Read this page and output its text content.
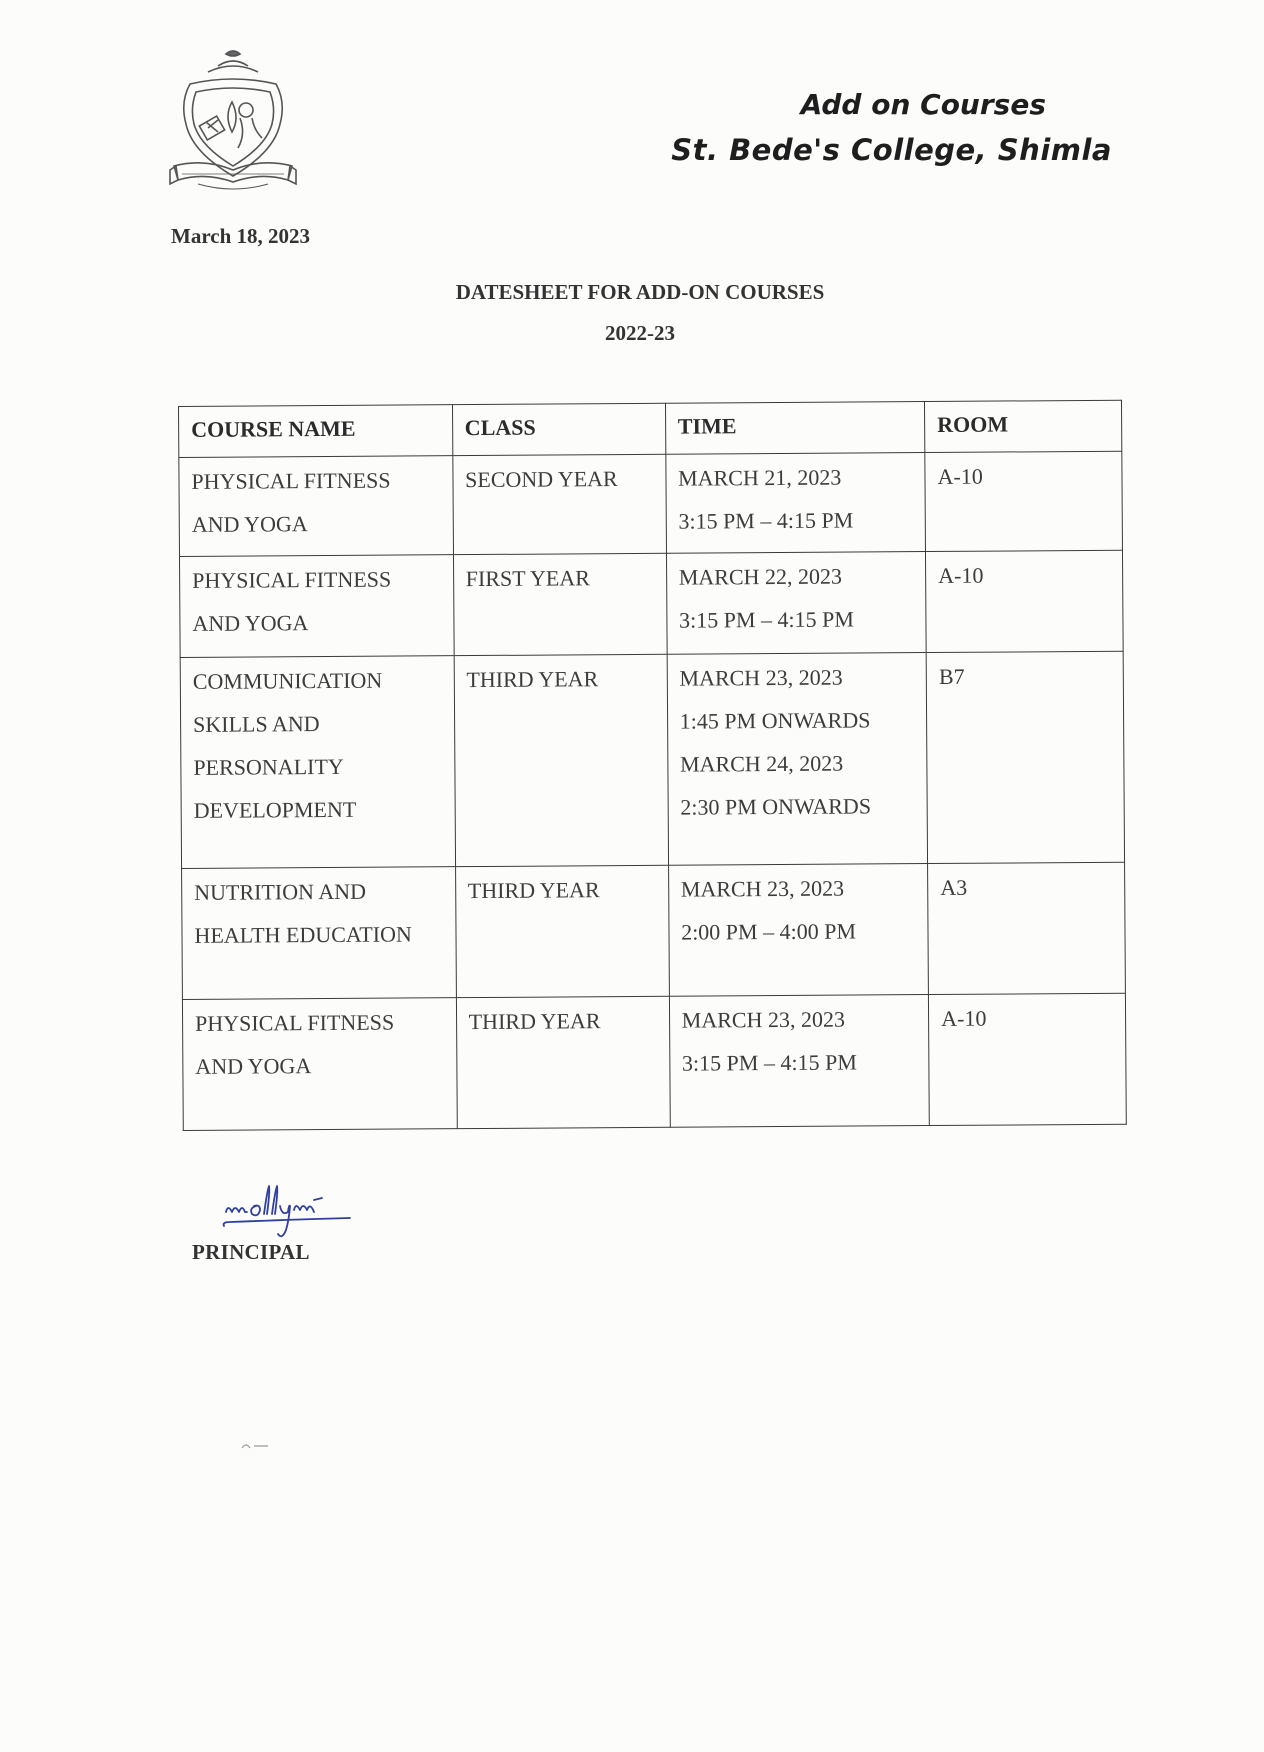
Add on Courses
St. Bede's College, Shimla
March 18, 2023
DATESHEET FOR ADD-ON COURSES
2022-23
COURSE NAME	CLASS	TIME	ROOM

PHYSICAL FITNESS
AND YOGA	SECOND YEAR	MARCH 21, 2023
3:15 PM – 4:15 PM	A-10

PHYSICAL FITNESS
AND YOGA	FIRST YEAR	MARCH 22, 2023
3:15 PM – 4:15 PM	A-10

COMMUNICATION
SKILLS AND
PERSONALITY
DEVELOPMENT	THIRD YEAR	MARCH 23, 2023
1:45 PM ONWARDS
MARCH 24, 2023
2:30 PM ONWARDS	B7

NUTRITION AND
HEALTH EDUCATION	THIRD YEAR	MARCH 23, 2023
2:00 PM – 4:00 PM	A3

PHYSICAL FITNESS
AND YOGA	THIRD YEAR	MARCH 23, 2023
3:15 PM – 4:15 PM	A-10
PRINCIPAL
